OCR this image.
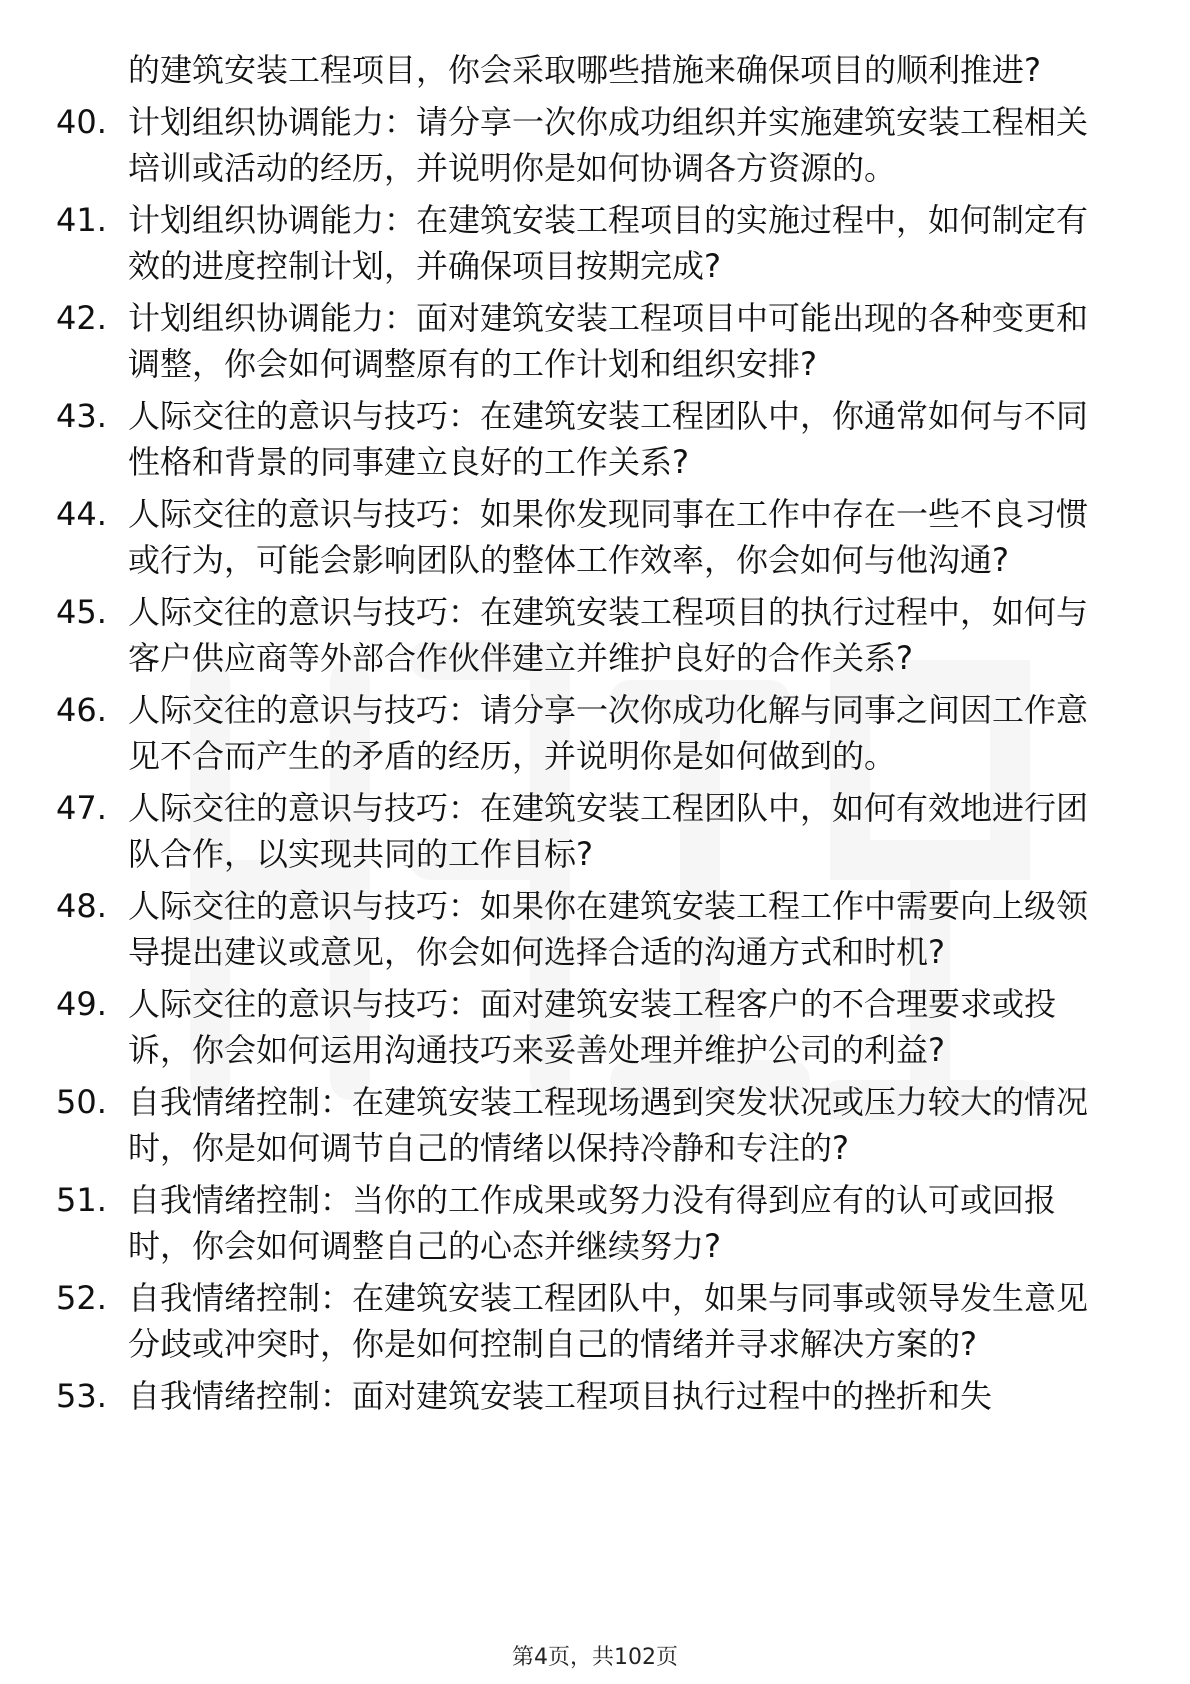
的建筑安装工程项目，你会采取哪些措施来确保项目的顺利推进?
40. 计划组织协调能力：请分享一次你成功组织并实施建筑安装工程相关培训或活动的经历，并说明你是如何协调各方资源的。
41. 计划组织协调能力：在建筑安装工程项目的实施过程中，如何制定有效的进度控制计划，并确保项目按期完成?
42. 计划组织协调能力：面对建筑安装工程项目中可能出现的各种变更和调整，你会如何调整原有的工作计划和组织安排?
43. 人际交往的意识与技巧：在建筑安装工程团队中，你通常如何与不同性格和背景的同事建立良好的工作关系?
44. 人际交往的意识与技巧：如果你发现同事在工作中存在一些不良习惯或行为，可能会影响团队的整体工作效率，你会如何与他沟通?
45. 人际交往的意识与技巧：在建筑安装工程项目的执行过程中，如何与客户供应商等外部合作伙伴建立并维护良好的合作关系?
46. 人际交往的意识与技巧：请分享一次你成功化解与同事之间因工作意见不合而产生的矛盾的经历，并说明你是如何做到的。
47. 人际交往的意识与技巧：在建筑安装工程团队中，如何有效地进行团队合作，以实现共同的工作目标?
48. 人际交往的意识与技巧：如果你在建筑安装工程工作中需要向上级领导提出建议或意见，你会如何选择合适的沟通方式和时机?
49. 人际交往的意识与技巧：面对建筑安装工程客户的不合理要求或投诉，你会如何运用沟通技巧来妥善处理并维护公司的利益?
50. 自我情绪控制：在建筑安装工程现场遇到突发状况或压力较大的情况时，你是如何调节自己的情绪以保持冷静和专注的?
51. 自我情绪控制：当你的工作成果或努力没有得到应有的认可或回报时，你会如何调整自己的心态并继续努力?
52. 自我情绪控制：在建筑安装工程团队中，如果与同事或领导发生意见分歧或冲突时，你是如何控制自己的情绪并寻求解决方案的?
53. 自我情绪控制：面对建筑安装工程项目执行过程中的挫折和失
第4页，共102页
